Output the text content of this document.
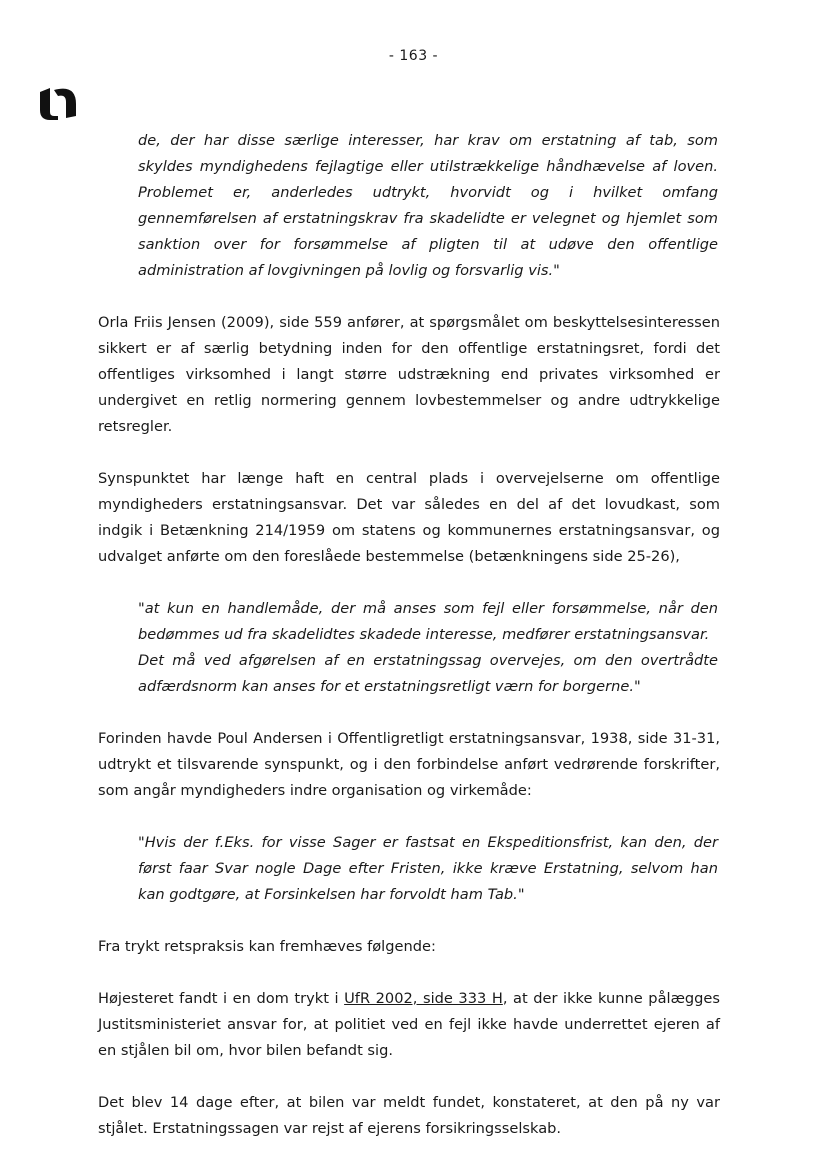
- 163 -

de, der har disse særlige interesser, har krav om erstatning af tab, som skyldes myndighedens fejlagtige eller utilstrækkelige håndhævelse af loven. Problemet er, anderledes udtrykt, hvorvidt og i hvilket omfang gennemførelsen af erstatningskrav fra skadelidte er velegnet og hjemlet som sanktion over for forsømmelse af pligten til at udøve den offentlige administration af lovgivningen på lovlig og forsvarlig vis."

Orla Friis Jensen (2009), side 559 anfører, at spørgsmålet om beskyttelsesinteressen sikkert er af særlig betydning inden for den offentlige erstatningsret, fordi det offentliges virksomhed i langt større udstrækning end privates virksomhed er undergivet en retlig normering gennem lovbestemmelser og andre udtrykkelige retsregler.

Synspunktet har længe haft en central plads i overvejelserne om offentlige myndigheders erstatningsansvar. Det var således en del af det lovudkast, som indgik i Betænkning 214/1959 om statens og kommunernes erstatningsansvar, og udvalget anførte om den foreslåede bestemmelse (betænkningens side 25-26),

"at kun en handlemåde, der må anses som fejl eller forsømmelse, når den bedømmes ud fra skadelidtes skadede interesse, medfører erstatningsansvar.

Det må ved afgørelsen af en erstatningssag overvejes, om den overtrådte adfærdsnorm kan anses for et erstatningsretligt værn for borgerne."

Forinden havde Poul Andersen i Offentligretligt erstatningsansvar, 1938, side 31-31, udtrykt et tilsvarende synspunkt, og i den forbindelse anført vedrørende forskrifter, som angår myndigheders indre organisation og virkemåde:

"Hvis der f.Eks. for visse Sager er fastsat en Ekspeditionsfrist, kan den, der først faar Svar nogle Dage efter Fristen, ikke kræve Erstatning, selvom han kan godtgøre, at Forsinkelsen har forvoldt ham Tab."

Fra trykt retspraksis kan fremhæves følgende:

Højesteret fandt i en dom trykt i UfR 2002, side 333 H, at der ikke kunne pålægges Justitsministeriet ansvar for, at politiet ved en fejl ikke havde underrettet ejeren af en stjålen bil om, hvor bilen befandt sig.

Det blev 14 dage efter, at bilen var meldt fundet, konstateret, at den på ny var stjålet. Erstatningssagen var rejst af ejerens forsikringsselskab.
